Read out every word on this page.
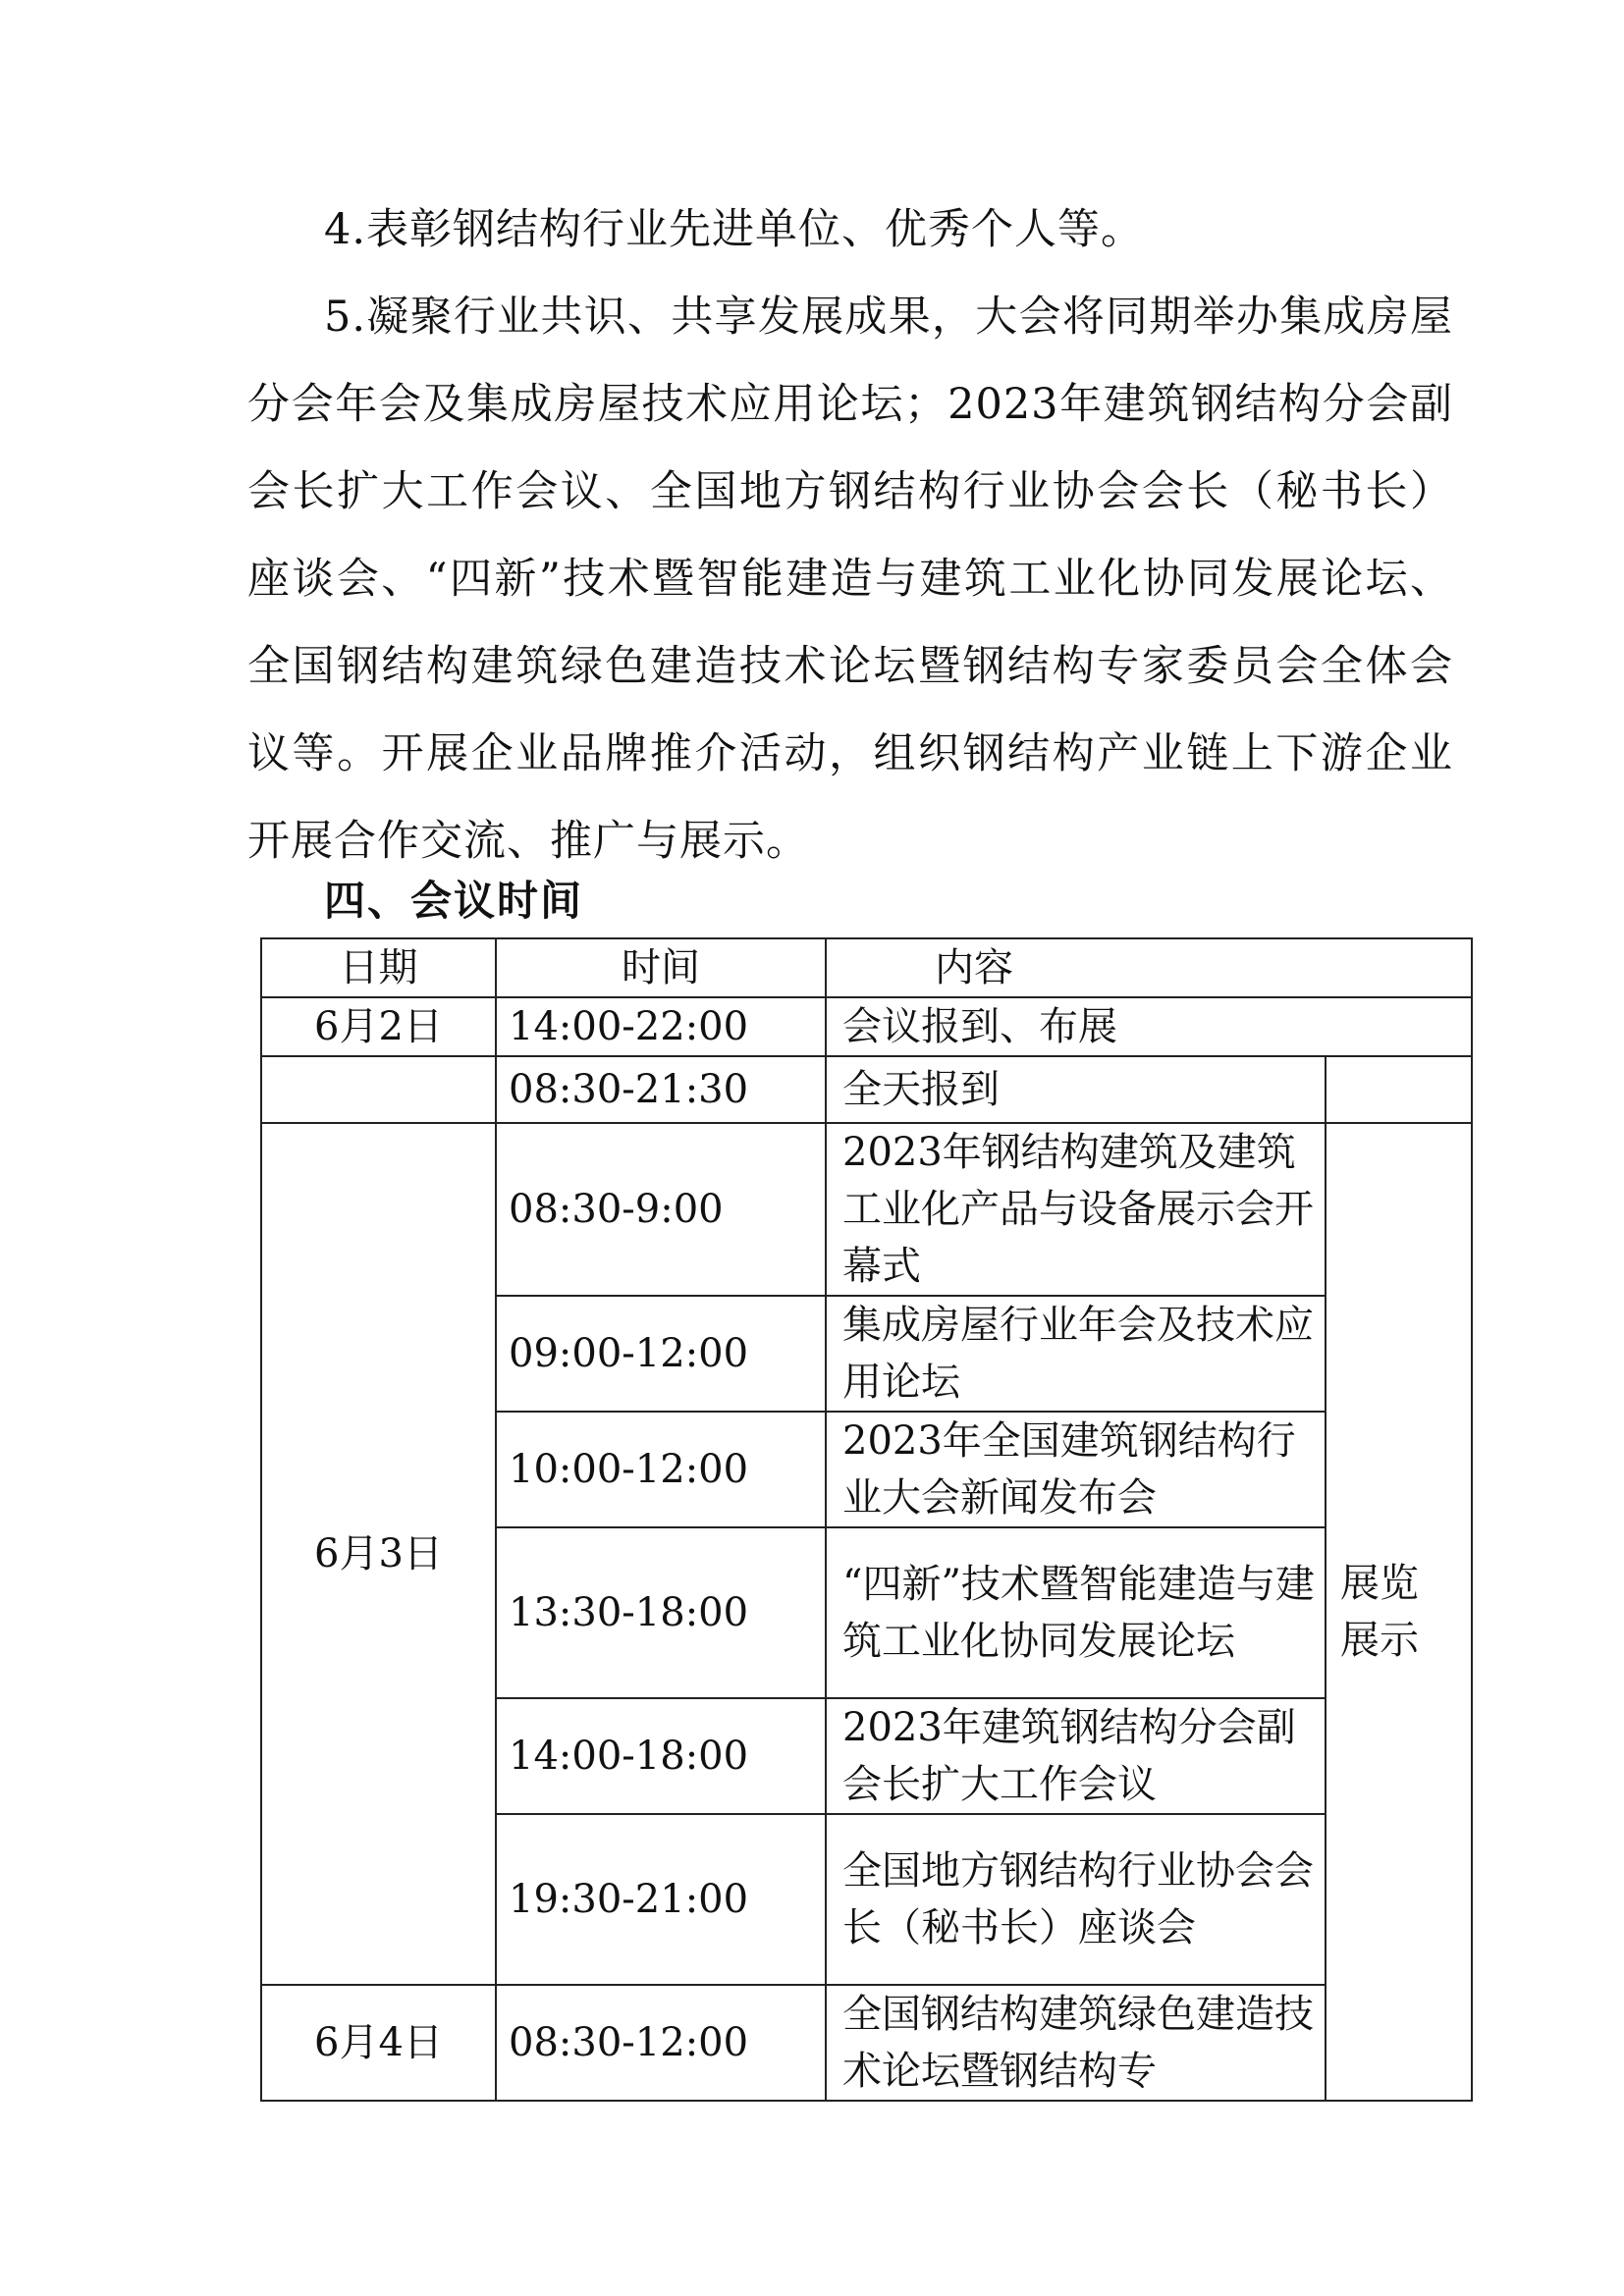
4.表彰钢结构行业先进单位、优秀个人等。

5.凝聚行业共识、共享发展成果，大会将同期举办集成房屋分会年会及集成房屋技术应用论坛；2023年建筑钢结构分会副会长扩大工作会议、全国地方钢结构行业协会会长（秘书长）座谈会、“四新”技术暨智能建造与建筑工业化协同发展论坛、全国钢结构建筑绿色建造技术论坛暨钢结构专家委员会全体会议等。开展企业品牌推介活动，组织钢结构产业链上下游企业开展合作交流、推广与展示。

四、会议时间
日期	时间	内容	
6月2日	14:00-22:00	会议报到、布展	
	08:30-21:30	全天报到	
6月3日	08:30-9:00	2023年钢结构建筑及建筑工业化产品与设备展示会开幕式	展览展示
	09:00-12:00	集成房屋行业年会及技术应用论坛	
	10:00-12:00	2023年全国建筑钢结构行业大会新闻发布会	
	13:30-18:00	“四新”技术暨智能建造与建筑工业化协同发展论坛	
	14:00-18:00	2023年建筑钢结构分会副会长扩大工作会议	
	19:30-21:00	全国地方钢结构行业协会会长（秘书长）座谈会	
6月4日	08:30-12:00	全国钢结构建筑绿色建造技术论坛暨钢结构专	
